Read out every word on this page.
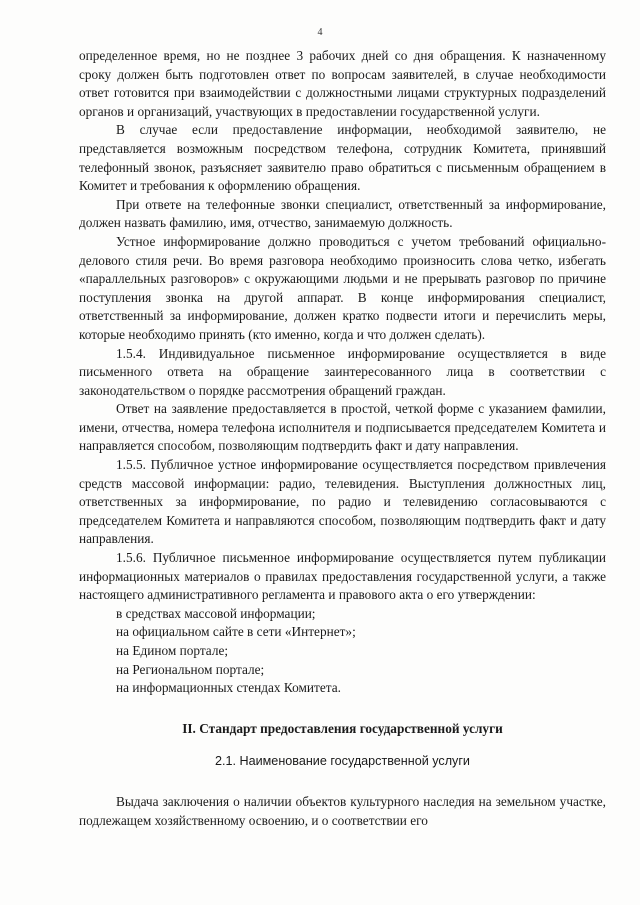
4

определенное время, но не позднее 3 рабочих дней со дня обращения. К назначенному сроку должен быть подготовлен ответ по вопросам заявителей, в случае необходимости ответ готовится при взаимодействии с должностными лицами структурных подразделений органов и организаций, участвующих в предоставлении государственной услуги.

В случае если предоставление информации, необходимой заявителю, не представляется возможным посредством телефона, сотрудник Комитета, принявший телефонный звонок, разъясняет заявителю право обратиться с письменным обращением в Комитет и требования к оформлению обращения.

При ответе на телефонные звонки специалист, ответственный за информирование, должен назвать фамилию, имя, отчество, занимаемую должность.

Устное информирование должно проводиться с учетом требований официально-делового стиля речи. Во время разговора необходимо произносить слова четко, избегать «параллельных разговоров» с окружающими людьми и не прерывать разговор по причине поступления звонка на другой аппарат. В конце информирования специалист, ответственный за информирование, должен кратко подвести итоги и перечислить меры, которые необходимо принять (кто именно, когда и что должен сделать).

1.5.4. Индивидуальное письменное информирование осуществляется в виде письменного ответа на обращение заинтересованного лица в соответствии с законодательством о порядке рассмотрения обращений граждан.

Ответ на заявление предоставляется в простой, четкой форме с указанием фамилии, имени, отчества, номера телефона исполнителя и подписывается председателем Комитета и направляется способом, позволяющим подтвердить факт и дату направления.

1.5.5. Публичное устное информирование осуществляется посредством привлечения средств массовой информации: радио, телевидения. Выступления должностных лиц, ответственных за информирование, по радио и телевидению согласовываются с председателем Комитета и направляются способом, позволяющим подтвердить факт и дату направления.

1.5.6. Публичное письменное информирование осуществляется путем публикации информационных материалов о правилах предоставления государственной услуги, а также настоящего административного регламента и правового акта о его утверждении:

в средствах массовой информации;

на официальном сайте в сети «Интернет»;

на Едином портале;

на Региональном портале;

на информационных стендах Комитета.

II. Стандарт предоставления государственной услуги

2.1. Наименование государственной услуги

Выдача заключения о наличии объектов культурного наследия на земельном участке, подлежащем хозяйственному освоению, и о соответствии его
